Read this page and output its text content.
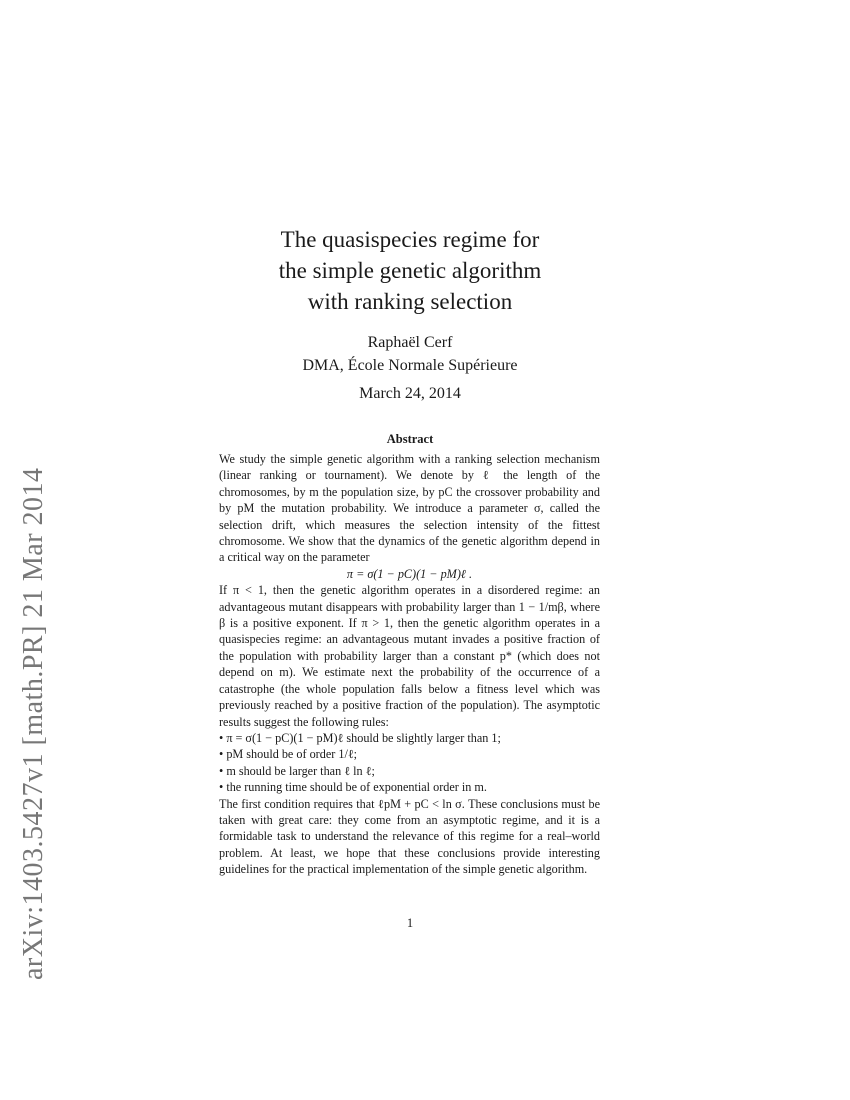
arXiv:1403.5427v1 [math.PR] 21 Mar 2014
The quasispecies regime for
the simple genetic algorithm
with ranking selection
Raphaël Cerf
DMA, École Normale Supérieure
March 24, 2014
Abstract

We study the simple genetic algorithm with a ranking selection mechanism (linear ranking or tournament). We denote by ℓ the length of the chromosomes, by m the population size, by pC the crossover probability and by pM the mutation probability. We introduce a parameter σ, called the selection drift, which measures the selection intensity of the fittest chromosome. We show that the dynamics of the genetic algorithm depend in a critical way on the parameter

π = σ(1 − pC)(1 − pM)ℓ .

If π < 1, then the genetic algorithm operates in a disordered regime: an advantageous mutant disappears with probability larger than 1 − 1/mβ, where β is a positive exponent. If π > 1, then the genetic algorithm operates in a quasispecies regime: an advantageous mutant invades a positive fraction of the population with probability larger than a constant p* (which does not depend on m). We estimate next the probability of the occurrence of a catastrophe (the whole population falls below a fitness level which was previously reached by a positive fraction of the population). The asymptotic results suggest the following rules:

• π = σ(1 − pC)(1 − pM)ℓ should be slightly larger than 1;

• pM should be of order 1/ℓ;

• m should be larger than ℓ ln ℓ;

• the running time should be of exponential order in m.

The first condition requires that ℓpM + pC < ln σ. These conclusions must be taken with great care: they come from an asymptotic regime, and it is a formidable task to understand the relevance of this regime for a real–world problem. At least, we hope that these conclusions provide interesting guidelines for the practical implementation of the simple genetic algorithm.

1
